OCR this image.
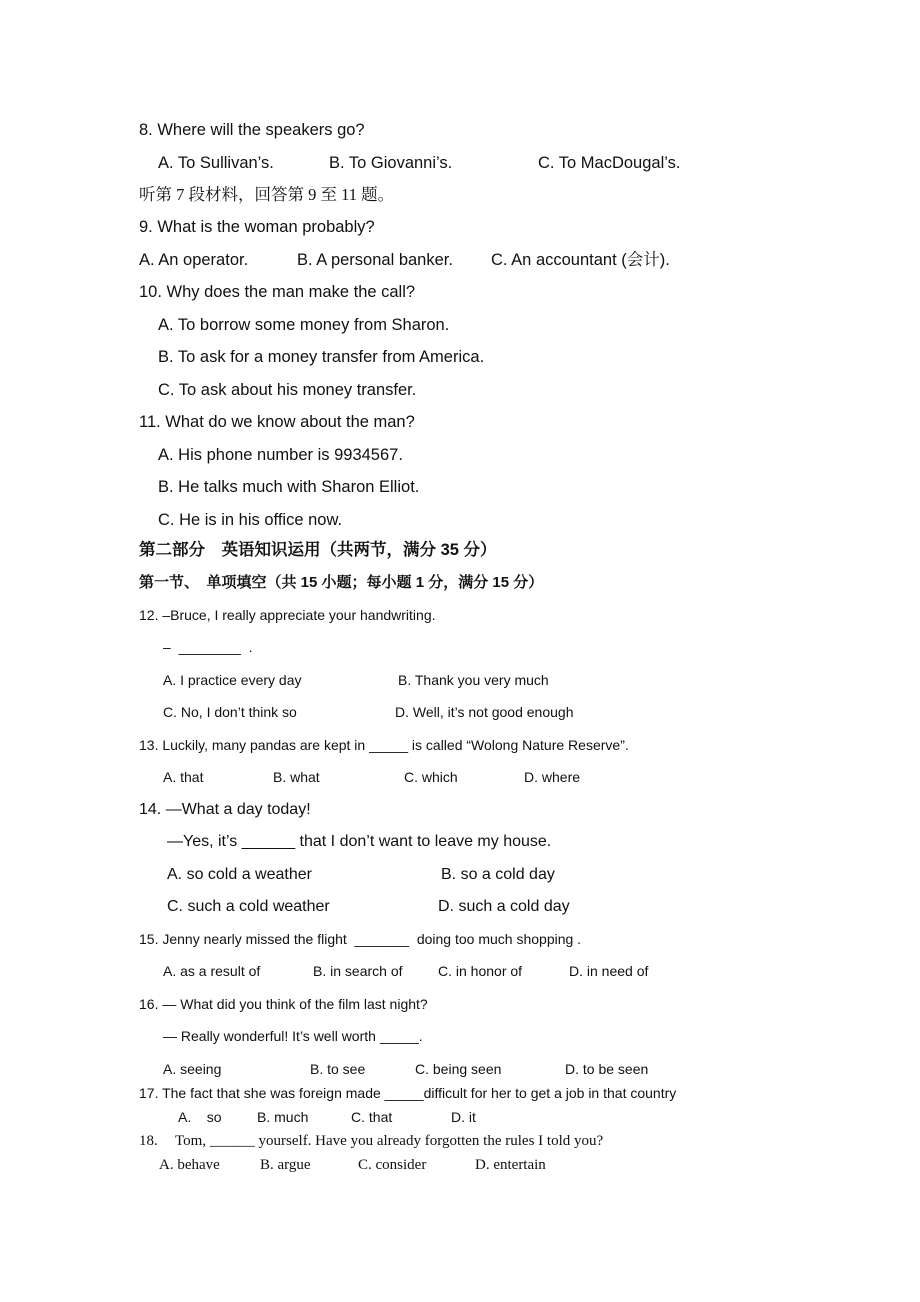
8. Where will the speakers go?
A. To Sullivan’s.	B. To Giovanni’s.	C. To MacDougal’s.
听第 7 段材料，回答第 9 至 11 题。
9. What is the woman probably?
A. An operator.	B. A personal banker. C. An accountant (会计).
10. Why does the man make the call?
A. To borrow some money from Sharon.
B. To ask for a money transfer from America.
C. To ask about his money transfer.
11. What do we know about the man?
A. His phone number is 9934567.
B. He talks much with Sharon Elliot.
C. He is in his office now.
第二部分　英语知识运用（共两节，满分 35 分）
第一节、　单项填空（共 15 小题；每小题 1 分，满分 15 分）
12. –Bruce, I really appreciate your handwriting.
–  ________  .
A. I practice every day	B. Thank you very much
C. No, I don’t think so	D. Well, it’s not good enough
13. Luckily, many pandas are kept in _____ is called “Wolong Nature Reserve”.
A. that	B. what	C. which	D. where
14. —What a day today!
—Yes, it’s ______ that I don’t want to leave my house.
A. so cold a weather	B. so a cold day
C. such a cold weather	D. such a cold day
15. Jenny nearly missed the flight  _______  doing too much shopping .
A. as a result of	B. in search of	C. in honor of	D. in need of
16. — What did you think of the film last night?
— Really wonderful! It’s well worth _____.
A. seeing	B. to see	C. being seen	D. to be seen
17. The fact that she was foreign made _____difficult for her to get a job in that country
A.    so	B. much	C. that	D. it
18. Tom, ______ yourself. Have you already forgotten the rules I told you?
A. behave	B. argue	C. consider	D. entertain
